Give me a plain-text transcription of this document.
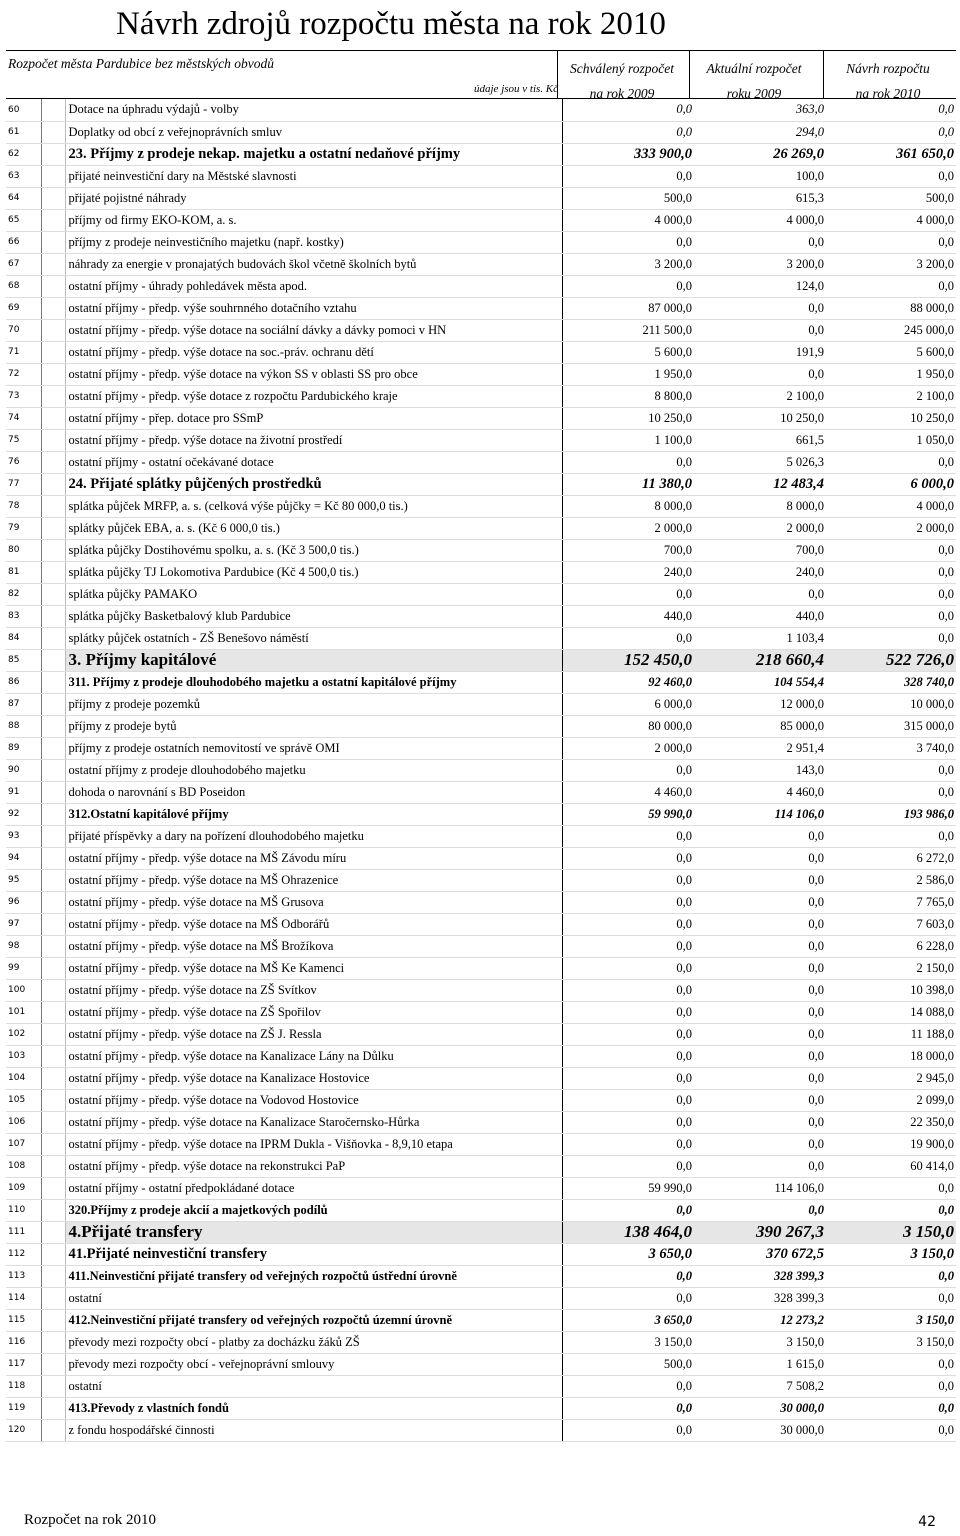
Návrh zdrojů rozpočtu města na rok 2010
Rozpočet města Pardubice bez městských obvodů
údaje jsou v tis. Kč
Schválený rozpočet
na rok 2009
Aktuální rozpočet
roku 2009
Návrh rozpočtu
na rok 2010
60		Dotace na úphradu výdajů - volby	0,0	363,0	0,0
61		Doplatky od obcí z veřejnoprávních smluv	0,0	294,0	0,0
62		23. Příjmy z prodeje nekap. majetku a ostatní nedaňové příjmy	333 900,0	26 269,0	361 650,0
63		přijaté neinvestiční dary na Městské slavnosti	0,0	100,0	0,0
64		přijaté pojistné náhrady	500,0	615,3	500,0
65		příjmy od firmy EKO-KOM, a. s.	4 000,0	4 000,0	4 000,0
66		příjmy z prodeje neinvestičního majetku (např. kostky)	0,0	0,0	0,0
67		náhrady za energie v pronajatých budovách škol včetně školních bytů	3 200,0	3 200,0	3 200,0
68		ostatní příjmy - úhrady pohledávek města apod.	0,0	124,0	0,0
69		ostatní příjmy - předp. výše souhrnného dotačního vztahu	87 000,0	0,0	88 000,0
70		ostatní příjmy - předp. výše dotace na sociální dávky a dávky pomoci v HN	211 500,0	0,0	245 000,0
71		ostatní příjmy - předp. výše dotace na soc.-práv. ochranu dětí	5 600,0	191,9	5 600,0
72		ostatní příjmy - předp. výše dotace na výkon SS v oblasti SS pro obce	1 950,0	0,0	1 950,0
73		ostatní příjmy - předp. výše dotace z rozpočtu Pardubického kraje	8 800,0	2 100,0	2 100,0
74		ostatní příjmy - přep. dotace pro SSmP	10 250,0	10 250,0	10 250,0
75		ostatní příjmy - předp. výše dotace na životní prostředí	1 100,0	661,5	1 050,0
76		ostatní příjmy - ostatní očekávané dotace	0,0	5 026,3	0,0
77		24. Přijaté splátky půjčených prostředků	11 380,0	12 483,4	6 000,0
78		splátka půjček MRFP, a. s. (celková výše půjčky = Kč 80 000,0 tis.)	8 000,0	8 000,0	4 000,0
79		splátky půjček EBA, a. s. (Kč 6 000,0 tis.)	2 000,0	2 000,0	2 000,0
80		splátka půjčky Dostihovému spolku, a. s. (Kč 3 500,0 tis.)	700,0	700,0	0,0
81		splátka půjčky TJ Lokomotiva Pardubice (Kč 4 500,0 tis.)	240,0	240,0	0,0
82		splátka půjčky PAMAKO	0,0	0,0	0,0
83		splátka půjčky Basketbalový klub Pardubice	440,0	440,0	0,0
84		splátky půjček ostatních - ZŠ Benešovo náměstí	0,0	1 103,4	0,0
85		3. Příjmy kapitálové	152 450,0	218 660,4	522 726,0
86		311. Příjmy z prodeje dlouhodobého majetku a ostatní kapitálové příjmy	92 460,0	104 554,4	328 740,0
87		příjmy z prodeje pozemků	6 000,0	12 000,0	10 000,0
88		příjmy z prodeje bytů	80 000,0	85 000,0	315 000,0
89		příjmy z prodeje ostatních nemovitostí ve správě OMI	2 000,0	2 951,4	3 740,0
90		ostatní příjmy z prodeje dlouhodobého majetku	0,0	143,0	0,0
91		dohoda o narovnání s BD Poseidon	4 460,0	4 460,0	0,0
92		312.Ostatní kapitálové příjmy	59 990,0	114 106,0	193 986,0
93		přijaté příspěvky a dary na pořízení dlouhodobého majetku	0,0	0,0	0,0
94		ostatní příjmy - předp. výše dotace na MŠ Závodu míru	0,0	0,0	6 272,0
95		ostatní příjmy - předp. výše dotace na MŠ Ohrazenice	0,0	0,0	2 586,0
96		ostatní příjmy - předp. výše dotace na MŠ Grusova	0,0	0,0	7 765,0
97		ostatní příjmy - předp. výše dotace na MŠ Odborářů	0,0	0,0	7 603,0
98		ostatní příjmy - předp. výše dotace na MŠ Brožíkova	0,0	0,0	6 228,0
99		ostatní příjmy - předp. výše dotace na MŠ Ke Kamenci	0,0	0,0	2 150,0
100		ostatní příjmy - předp. výše dotace na ZŠ Svítkov	0,0	0,0	10 398,0
101		ostatní příjmy - předp. výše dotace na ZŠ Spořilov	0,0	0,0	14 088,0
102		ostatní příjmy - předp. výše dotace na ZŠ J. Ressla	0,0	0,0	11 188,0
103		ostatní příjmy - předp. výše dotace na Kanalizace Lány na Důlku	0,0	0,0	18 000,0
104		ostatní příjmy - předp. výše dotace na Kanalizace Hostovice	0,0	0,0	2 945,0
105		ostatní příjmy - předp. výše dotace na Vodovod Hostovice	0,0	0,0	2 099,0
106		ostatní příjmy - předp. výše dotace na Kanalizace Staročernsko-Hůrka	0,0	0,0	22 350,0
107		ostatní příjmy - předp. výše dotace na IPRM Dukla - Višňovka - 8,9,10 etapa	0,0	0,0	19 900,0
108		ostatní příjmy - předp. výše dotace na rekonstrukci PaP	0,0	0,0	60 414,0
109		ostatní příjmy - ostatní předpokládané dotace	59 990,0	114 106,0	0,0
110		320.Příjmy z prodeje akcií a majetkových podílů	0,0	0,0	0,0
111		4.Přijaté transfery	138 464,0	390 267,3	3 150,0
112		41.Přijaté neinvestiční transfery	3 650,0	370 672,5	3 150,0
113		411.Neinvestiční přijaté transfery od veřejných rozpočtů ústřední úrovně	0,0	328 399,3	0,0
114		ostatní	0,0	328 399,3	0,0
115		412.Neinvestiční přijaté transfery od veřejných rozpočtů územní úrovně	3 650,0	12 273,2	3 150,0
116		převody mezi rozpočty obcí - platby za docházku žáků ZŠ	3 150,0	3 150,0	3 150,0
117		převody mezi rozpočty obcí - veřejnoprávní smlouvy	500,0	1 615,0	0,0
118		ostatní	0,0	7 508,2	0,0
119		413.Převody z vlastních fondů	0,0	30 000,0	0,0
120		z fondu hospodářské činnosti	0,0	30 000,0	0,0
Rozpočet na rok 2010	42
